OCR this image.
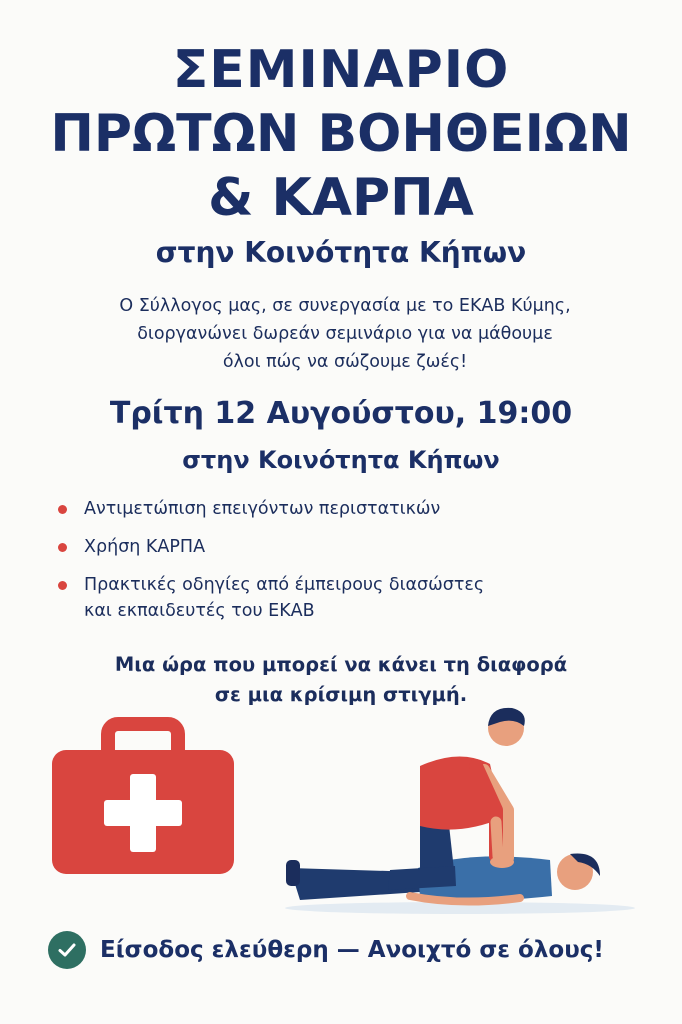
ΣΕΜΙΝΑΡΙΟ
ΠΡΩΤΩΝ ΒΟΗΘΕΙΩΝ
& ΚΑΡΠΑ
στην Κοινότητα Κήπων
Ο Σύλλογος μας, σε συνεργασία με το ΕΚΑΒ Κύμης,
διοργανώνει δωρεάν σεμινάριο για να μάθουμε
όλοι πώς να σώζουμε ζωές!
Τρίτη 12 Αυγούστου, 19:00
στην Κοινότητα Κήπων
Αντιμετώπιση επειγόντων περιστατικών
Χρήση ΚΑΡΠΑ
Πρακτικές οδηγίες από έμπειρους διασώστες
και εκπαιδευτές του ΕΚΑΒ
Μια ώρα που μπορεί να κάνει τη διαφορά
σε μια κρίσιμη στιγμή.
Είσοδος ελεύθερη — Ανοιχτό σε όλους!
